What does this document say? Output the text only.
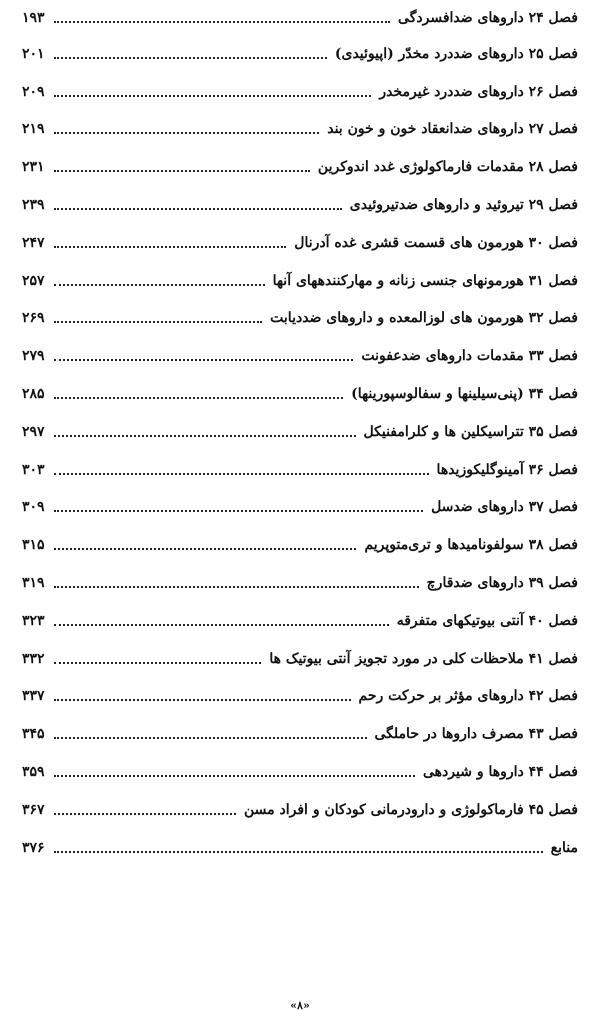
فصل ۲۴ داروهای ضدافسردگی
۱۹۳
فصل ۲۵ داروهای ضددرد مخدّر (اپیوئیدی)
۲۰۱
فصل ۲۶ داروهای ضددرد غیرمخدر
۲۰۹
فصل ۲۷ داروهای ضدانعقاد خون و خون بند
۲۱۹
فصل ۲۸ مقدمات فارماکولوژی غدد اندوکرین
۲۳۱
فصل ۲۹ تیروئید و داروهای ضدتیروئیدی
۲۳۹
فصل ۳۰ هورمون های قسمت قشری غده آدرنال
۲۴۷
فصل ۳۱ هورمونهای جنسی زنانه و مهارکنندههای آنها
۲۵۷
فصل ۳۲ هورمون های لوزالمعده و داروهای ضددیابت
۲۶۹
فصل ۳۳ مقدمات داروهای ضدعفونت
۲۷۹
فصل ۳۴ (پنی‌سیلینها و سفالوسپورینها)
۲۸۵
فصل ۳۵ تتراسیکلین ها و کلرامفنیکل
۲۹۷
فصل ۳۶ آمینوگلیکوزیدها
۳۰۳
فصل ۳۷ داروهای ضدسل
۳۰۹
فصل ۳۸ سولفونامیدها و تری‌متوپریم
۳۱۵
فصل ۳۹ داروهای ضدقارچ
۳۱۹
فصل ۴۰ آنتی بیوتیکهای متفرقه
۳۲۳
فصل ۴۱ ملاحظات کلی در مورد تجویز آنتی بیوتیک ها
۳۳۲
فصل ۴۲ داروهای مؤثر بر حرکت رحم
۳۳۷
فصل ۴۳ مصرف داروها در حاملگی
۳۴۵
فصل ۴۴ داروها و شیردهی
۳۵۹
فصل ۴۵ فارماکولوژی و دارودرمانی کودکان و افراد مسن
۳۶۷
منابع
۳۷۶
«۸»
